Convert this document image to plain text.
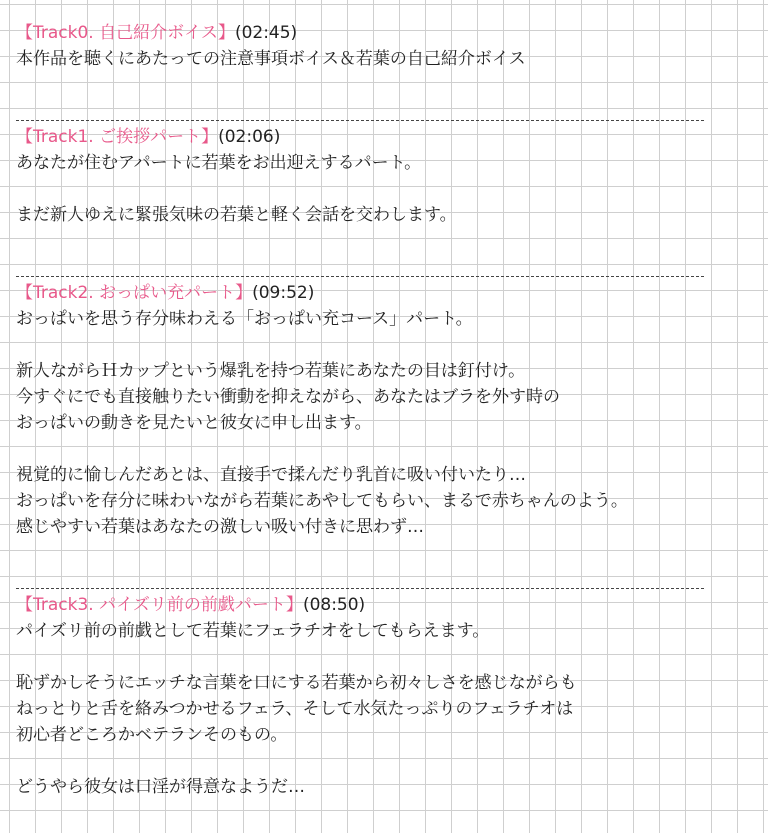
【Track0. 自己紹介ボイス】(02:45)
本作品を聴くにあたっての注意事項ボイス＆若葉の自己紹介ボイス
【Track1. ご挨拶パート】(02:06)
あなたが住むアパートに若葉をお出迎えするパート。
まだ新人ゆえに緊張気味の若葉と軽く会話を交わします。
【Track2. おっぱい充パート】(09:52)
おっぱいを思う存分味わえる「おっぱい充コース」パート。
新人ながらＨカップという爆乳を持つ若葉にあなたの目は釘付け。
今すぐにでも直接触りたい衝動を抑えながら、あなたはブラを外す時の
おっぱいの動きを見たいと彼女に申し出ます。
視覚的に愉しんだあとは、直接手で揉んだり乳首に吸い付いたり…
おっぱいを存分に味わいながら若葉にあやしてもらい、まるで赤ちゃんのよう。
感じやすい若葉はあなたの激しい吸い付きに思わず…
【Track3. パイズリ前の前戯パート】(08:50)
パイズリ前の前戯として若葉にフェラチオをしてもらえます。
恥ずかしそうにエッチな言葉を口にする若葉から初々しさを感じながらも
ねっとりと舌を絡みつかせるフェラ、そして水気たっぷりのフェラチオは
初心者どころかベテランそのもの。
どうやら彼女は口淫が得意なようだ…
